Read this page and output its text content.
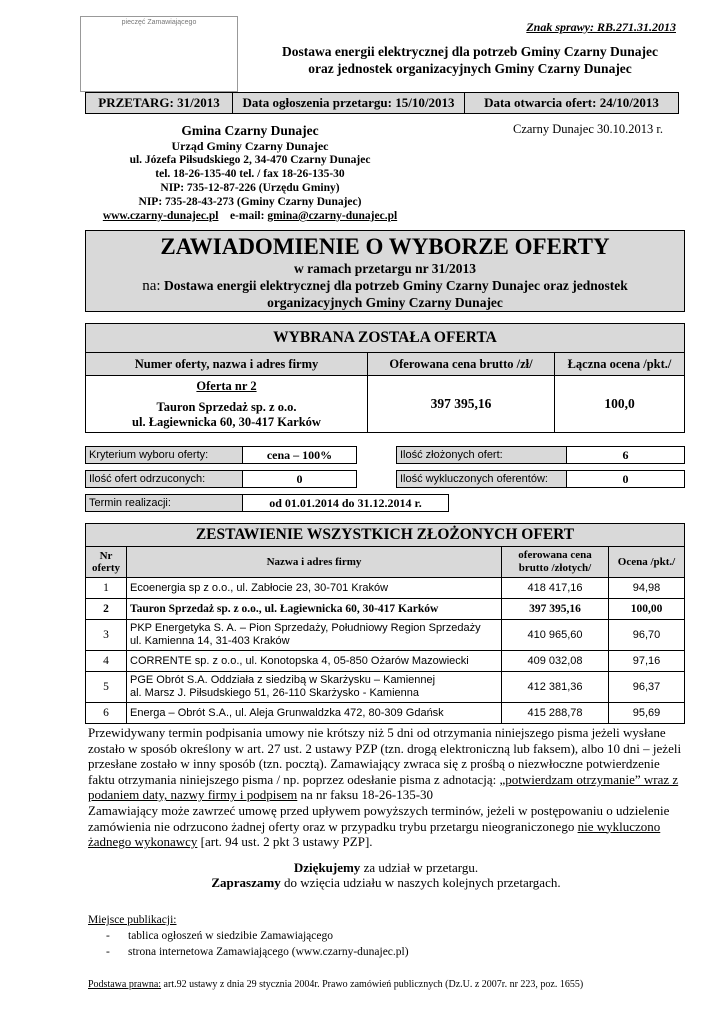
pieczęć Zamawiającego	Znak sprawy: RB.271.31.2013
Dostawa energii elektrycznej dla potrzeb Gminy Czarny Dunajec
oraz jednostek organizacyjnych Gminy Czarny Dunajec
PRZETARG: 31/2013	Data ogłoszenia przetargu: 15/10/2013	Data otwarcia ofert: 24/10/2013
Gmina Czarny Dunajec
Urząd Gminy Czarny Dunajec
ul. Józefa Piłsudskiego 2, 34-470 Czarny Dunajec
tel. 18-26-135-40 tel. / fax 18-26-135-30
NIP: 735-12-87-226 (Urzędu Gminy)
NIP: 735-28-43-273 (Gminy Czarny Dunajec)
www.czarny-dunajec.pl e-mail: gmina@czarny-dunajec.pl
Czarny Dunajec 30.10.2013 r.
ZAWIADOMIENIE O WYBORZE OFERTY
w ramach przetargu nr 31/2013
na: Dostawa energii elektrycznej dla potrzeb Gminy Czarny Dunajec oraz jednostek
organizacyjnych Gminy Czarny Dunajec
WYBRANA ZOSTAŁA OFERTA		
Numer oferty, nazwa i adres firmy	Oferowana cena brutto /zł/	Łączna ocena /pkt./

Oferta nr 2
Tauron Sprzedaż sp. z o.o.
ul. Łagiewnicka 60, 30-417 Karków	397 395,16	100,0
Kryterium wyboru oferty:	cena – 100%	Ilość złożonych ofert:	6
Ilość ofert odrzuconych:	0	Ilość wykluczonych oferentów:	0
Termin realizacji:	od 01.01.2014 do 31.12.2014 r.
ZESTAWIENIE WSZYSTKICH ZŁOŻONYCH OFERT			
Nr oferty	Nazwa i adres firmy	oferowana cena brutto /złotych/	Ocena /pkt./
1	Ecoenergia sp z o.o., ul. Zabłocie 23, 30-701 Kraków	418 417,16	94,98
2	Tauron Sprzedaż sp. z o.o., ul. Łagiewnicka 60, 30-417 Karków	397 395,16	100,00
3	PKP Energetyka S. A. – Pion Sprzedaży, Południowy Region Sprzedaży
ul. Kamienna 14, 31-403 Kraków	410 965,60	96,70
4	CORRENTE sp. z o.o., ul. Konotopska 4, 05-850 Ożarów Mazowiecki	409 032,08	97,16
5	PGE Obrót S.A. Oddziała z siedzibą w Skarżysku – Kamiennej
al. Marsz J. Piłsudskiego 51, 26-110 Skarżysko - Kamienna	412 381,36	96,37
6	Energa – Obrót S.A., ul. Aleja Grunwaldzka 472, 80-309 Gdańsk	415 288,78	95,69
Przewidywany termin podpisania umowy nie krótszy niż 5 dni od otrzymania niniejszego pisma jeżeli wysłane zostało w sposób określony w art. 27 ust. 2 ustawy PZP (tzn. drogą elektroniczną lub faksem), albo 10 dni – jeżeli przesłane zostało w inny sposób (tzn. pocztą). Zamawiający zwraca się z prośbą o niezwłoczne potwierdzenie faktu otrzymania niniejszego pisma / np. poprzez odesłanie pisma z adnotacją: „potwierdzam otrzymanie” wraz z podaniem daty, nazwy firmy i podpisem na nr faksu 18-26-135-30
Zamawiający może zawrzeć umowę przed upływem powyższych terminów, jeżeli w postępowaniu o udzielenie zamówienia nie odrzucono żadnej oferty oraz w przypadku trybu przetargu nieograniczonego nie wykluczono żadnego wykonawcy [art. 94 ust. 2 pkt 3 ustawy PZP].
Dziękujemy za udział w przetargu.
Zapraszamy do wzięcia udziału w naszych kolejnych przetargach.
Miejsce publikacji:
- tablica ogłoszeń w siedzibie Zamawiającego
- strona internetowa Zamawiającego (www.czarny-dunajec.pl)
Podstawa prawna: art.92 ustawy z dnia 29 stycznia 2004r. Prawo zamówień publicznych (Dz.U. z 2007r. nr 223, poz. 1655)
